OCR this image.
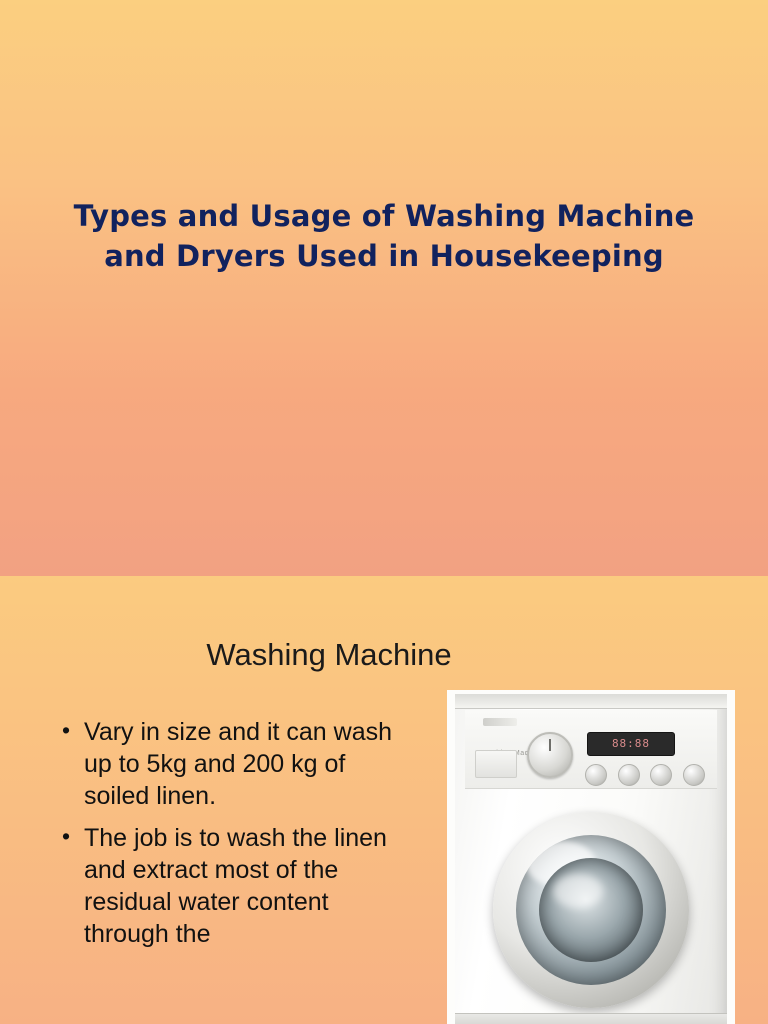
Types and Usage of Washing Machine and Dryers Used in Housekeeping
Washing Machine
• Vary in size and it can wash up to 5kg and 200 kg of soiled linen.
• The job is to wash the linen and extract most of the residual water content through the
88:88
